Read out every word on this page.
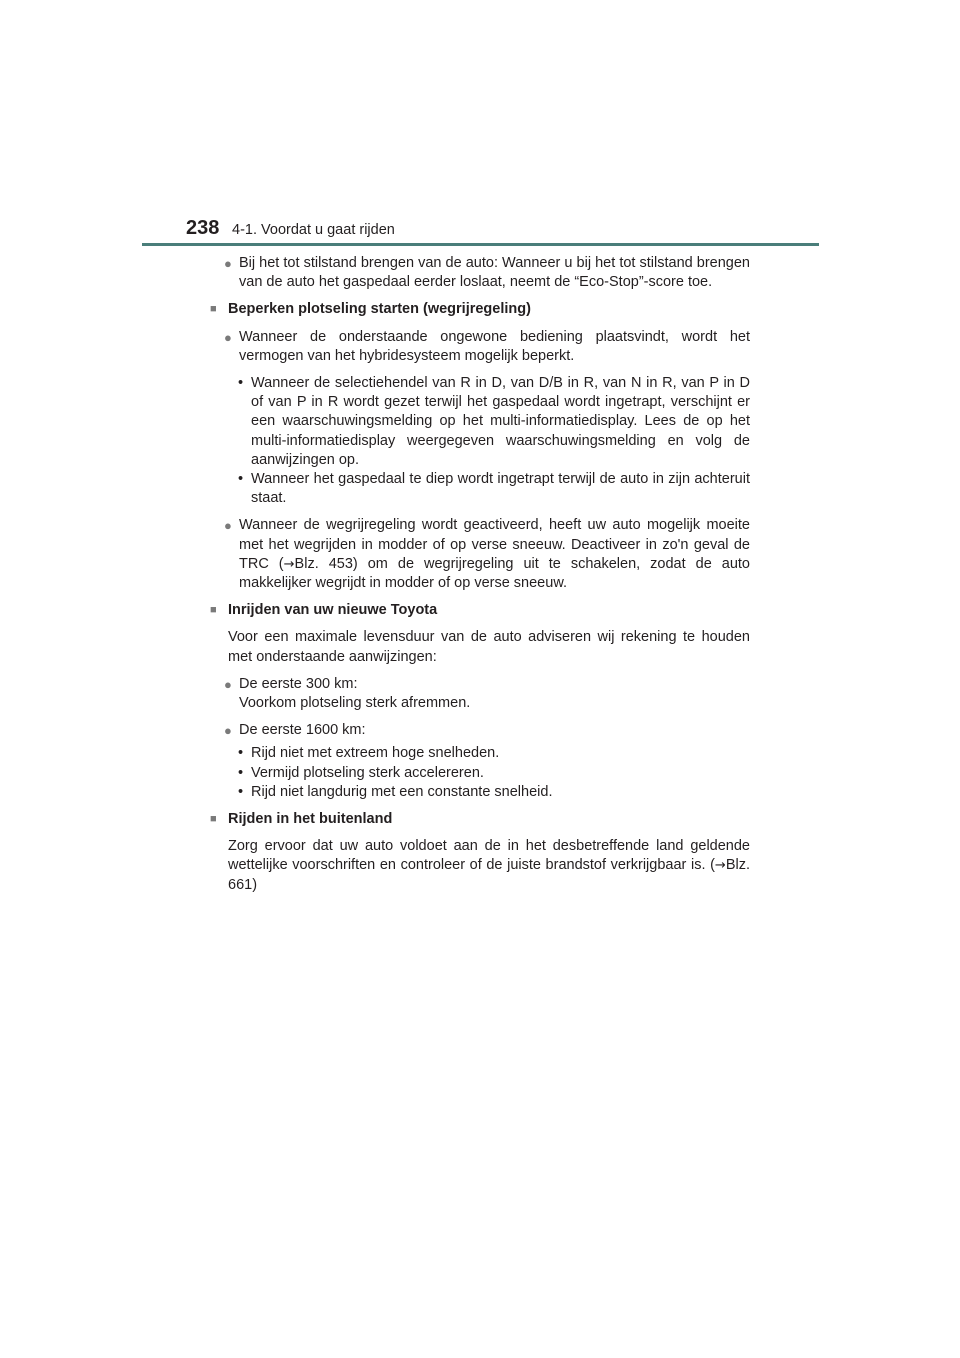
238 4-1. Voordat u gaat rijden
● Bij het tot stilstand brengen van de auto: Wanneer u bij het tot stilstand brengen van de auto het gaspedaal eerder loslaat, neemt de “Eco-Stop”-score toe.
■ Beperken plotseling starten (wegrijregeling)
● Wanneer de onderstaande ongewone bediening plaatsvindt, wordt het vermogen van het hybridesysteem mogelijk beperkt.
• Wanneer de selectiehendel van R in D, van D/B in R, van N in R, van P in D of van P in R wordt gezet terwijl het gaspedaal wordt ingetrapt, verschijnt er een waarschuwingsmelding op het multi-informatiedisplay. Lees de op het multi-informatiedisplay weergegeven waarschuwingsmelding en volg de aanwijzingen op.
• Wanneer het gaspedaal te diep wordt ingetrapt terwijl de auto in zijn achteruit staat.
● Wanneer de wegrijregeling wordt geactiveerd, heeft uw auto mogelijk moeite met het wegrijden in modder of op verse sneeuw. Deactiveer in zo'n geval de TRC (→Blz. 453) om de wegrijregeling uit te schakelen, zodat de auto makkelijker wegrijdt in modder of op verse sneeuw.
■ Inrijden van uw nieuwe Toyota
Voor een maximale levensduur van de auto adviseren wij rekening te houden met onderstaande aanwijzingen:
● De eerste 300 km:
Voorkom plotseling sterk afremmen.
● De eerste 1600 km:
• Rijd niet met extreem hoge snelheden.
• Vermijd plotseling sterk accelereren.
• Rijd niet langdurig met een constante snelheid.
■ Rijden in het buitenland
Zorg ervoor dat uw auto voldoet aan de in het desbetreffende land geldende wettelijke voorschriften en controleer of de juiste brandstof verkrijgbaar is. (→Blz. 661)
